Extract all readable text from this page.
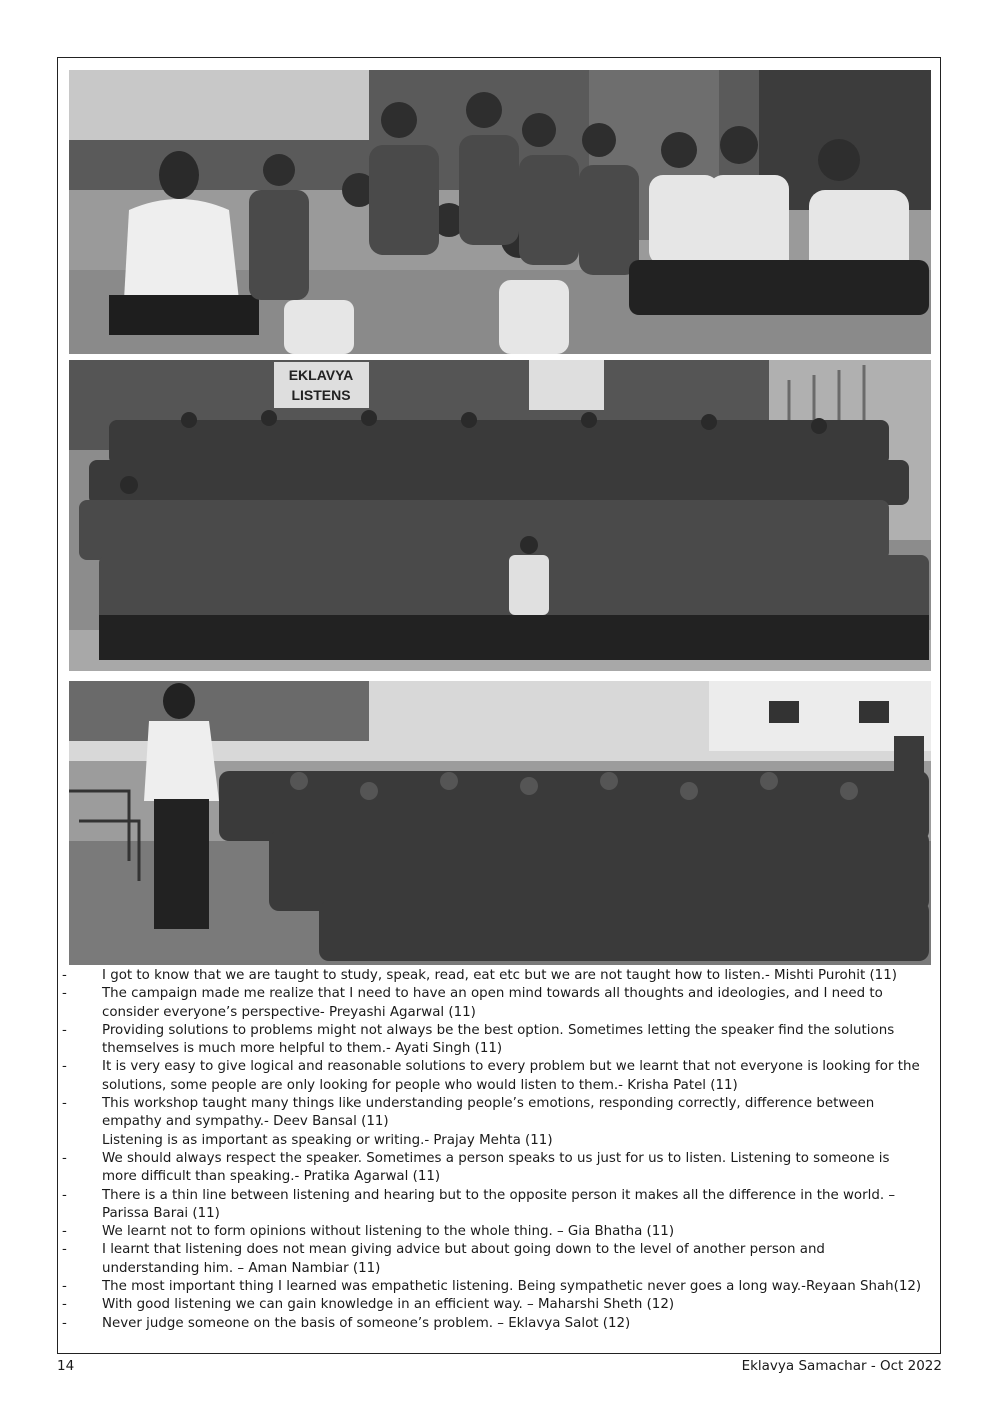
EKLAVYA
LISTENS
-	I got to know that we are taught to study, speak, read, eat etc but we are not taught how to listen.- Mishti Purohit (11)
-	The campaign made me realize that I need to have an open mind towards all thoughts and ideologies, and I need to
consider everyone’s perspective- Preyashi Agarwal (11)
-	Providing solutions to problems might not always be the best option. Sometimes letting the speaker find the solutions
themselves is much more helpful to them.- Ayati Singh (11)
-	It is very easy to give logical and reasonable solutions to every problem but we learnt that not everyone is looking for the
solutions, some people are only looking for people who would listen to them.- Krisha Patel (11)
-	This workshop taught many things like understanding people’s emotions, responding correctly, difference between
empathy and sympathy.- Deev Bansal (11)
Listening is as important as speaking or writing.- Prajay Mehta (11)
-	We should always respect the speaker. Sometimes a person speaks to us just for us to listen. Listening to someone is
more difficult than speaking.- Pratika Agarwal (11)
-	There is a thin line between listening and hearing but to the opposite person it makes all the difference in the world. –
Parissa Barai (11)
-	We learnt not to form opinions without listening to the whole thing. – Gia Bhatha (11)
-	I learnt that listening does not mean giving advice but about going down to the level of another person and
understanding him. – Aman Nambiar (11)
-	The most important thing I learned was empathetic listening. Being sympathetic never goes a long way.-Reyaan Shah(12)
-	With good listening we can gain knowledge in an efficient way. – Maharshi Sheth (12)
-	Never judge someone on the basis of someone’s problem. – Eklavya Salot (12)
14	Eklavya Samachar - Oct 2022
